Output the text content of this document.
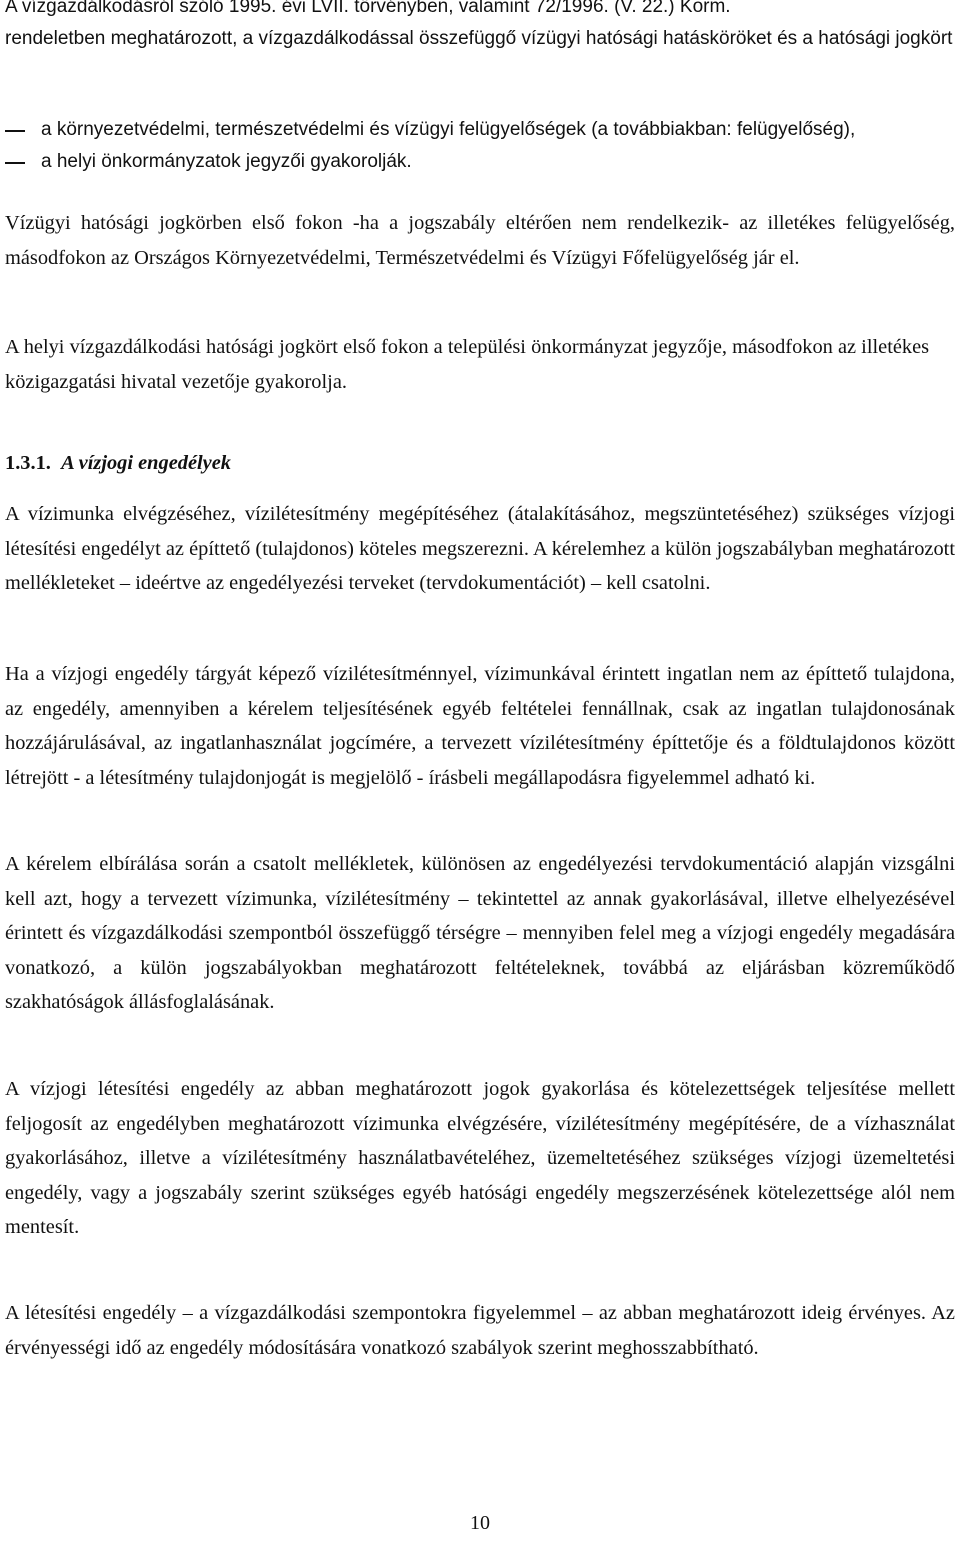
A vízgazdálkodásról szóló 1995. évi LVII. törvényben, valamint 72/1996. (V. 22.) Korm.

rendeletben meghatározott, a vízgazdálkodással összefüggő vízügyi hatósági hatásköröket és a hatósági jogkört

a környezetvédelmi, természetvédelmi és vízügyi felügyelőségek (a továbbiakban: felügyelőség),
a helyi önkormányzatok jegyzői gyakorolják.

Vízügyi hatósági jogkörben első fokon -ha a jogszabály eltérően nem rendelkezik- az illetékes felügyelőség, másodfokon az Országos Környezetvédelmi, Természetvédelmi és Vízügyi Főfelügyelőség jár el.

A helyi vízgazdálkodási hatósági jogkört első fokon a települési önkormányzat jegyzője, másodfokon az illetékes közigazgatási hivatal vezetője gyakorolja.

1.3.1. A vízjogi engedélyek

A vízimunka elvégzéséhez, vízilétesítmény megépítéséhez (átalakításához, megszüntetéséhez) szükséges vízjogi létesítési engedélyt az építtető (tulajdonos) köteles megszerezni. A kérelemhez a külön jogszabályban meghatározott mellékleteket – ideértve az engedélyezési terveket (tervdokumentációt) – kell csatolni.

Ha a vízjogi engedély tárgyát képező vízilétesítménnyel, vízimunkával érintett ingatlan nem az építtető tulajdona, az engedély, amennyiben a kérelem teljesítésének egyéb feltételei fennállnak, csak az ingatlan tulajdonosának hozzájárulásával, az ingatlanhasználat jogcímére, a tervezett vízilétesítmény építtetője és a földtulajdonos között létrejött - a létesítmény tulajdonjogát is megjelölő - írásbeli megállapodásra figyelemmel adható ki.

A kérelem elbírálása során a csatolt mellékletek, különösen az engedélyezési tervdokumentáció alapján vizsgálni kell azt, hogy a tervezett vízimunka, vízilétesítmény – tekintettel az annak gyakorlásával, illetve elhelyezésével érintett és vízgazdálkodási szempontból összefüggő térségre – mennyiben felel meg a vízjogi engedély megadására vonatkozó, a külön jogszabályokban meghatározott feltételeknek, továbbá az eljárásban közreműködő szakhatóságok állásfoglalásának.

A vízjogi létesítési engedély az abban meghatározott jogok gyakorlása és kötelezettségek teljesítése mellett feljogosít az engedélyben meghatározott vízimunka elvégzésére, vízilétesítmény megépítésére, de a vízhasználat gyakorlásához, illetve a vízilétesítmény használatbavételéhez, üzemeltetéséhez szükséges vízjogi üzemeltetési engedély, vagy a jogszabály szerint szükséges egyéb hatósági engedély megszerzésének kötelezettsége alól nem mentesít.

A létesítési engedély – a vízgazdálkodási szempontokra figyelemmel – az abban meghatározott ideig érvényes. Az érvényességi idő az engedély módosítására vonatkozó szabályok szerint meghosszabbítható.

10
